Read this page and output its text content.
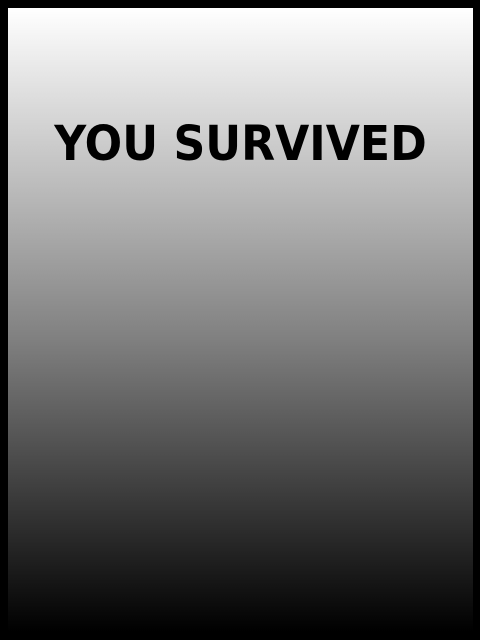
YOU SURVIVED
